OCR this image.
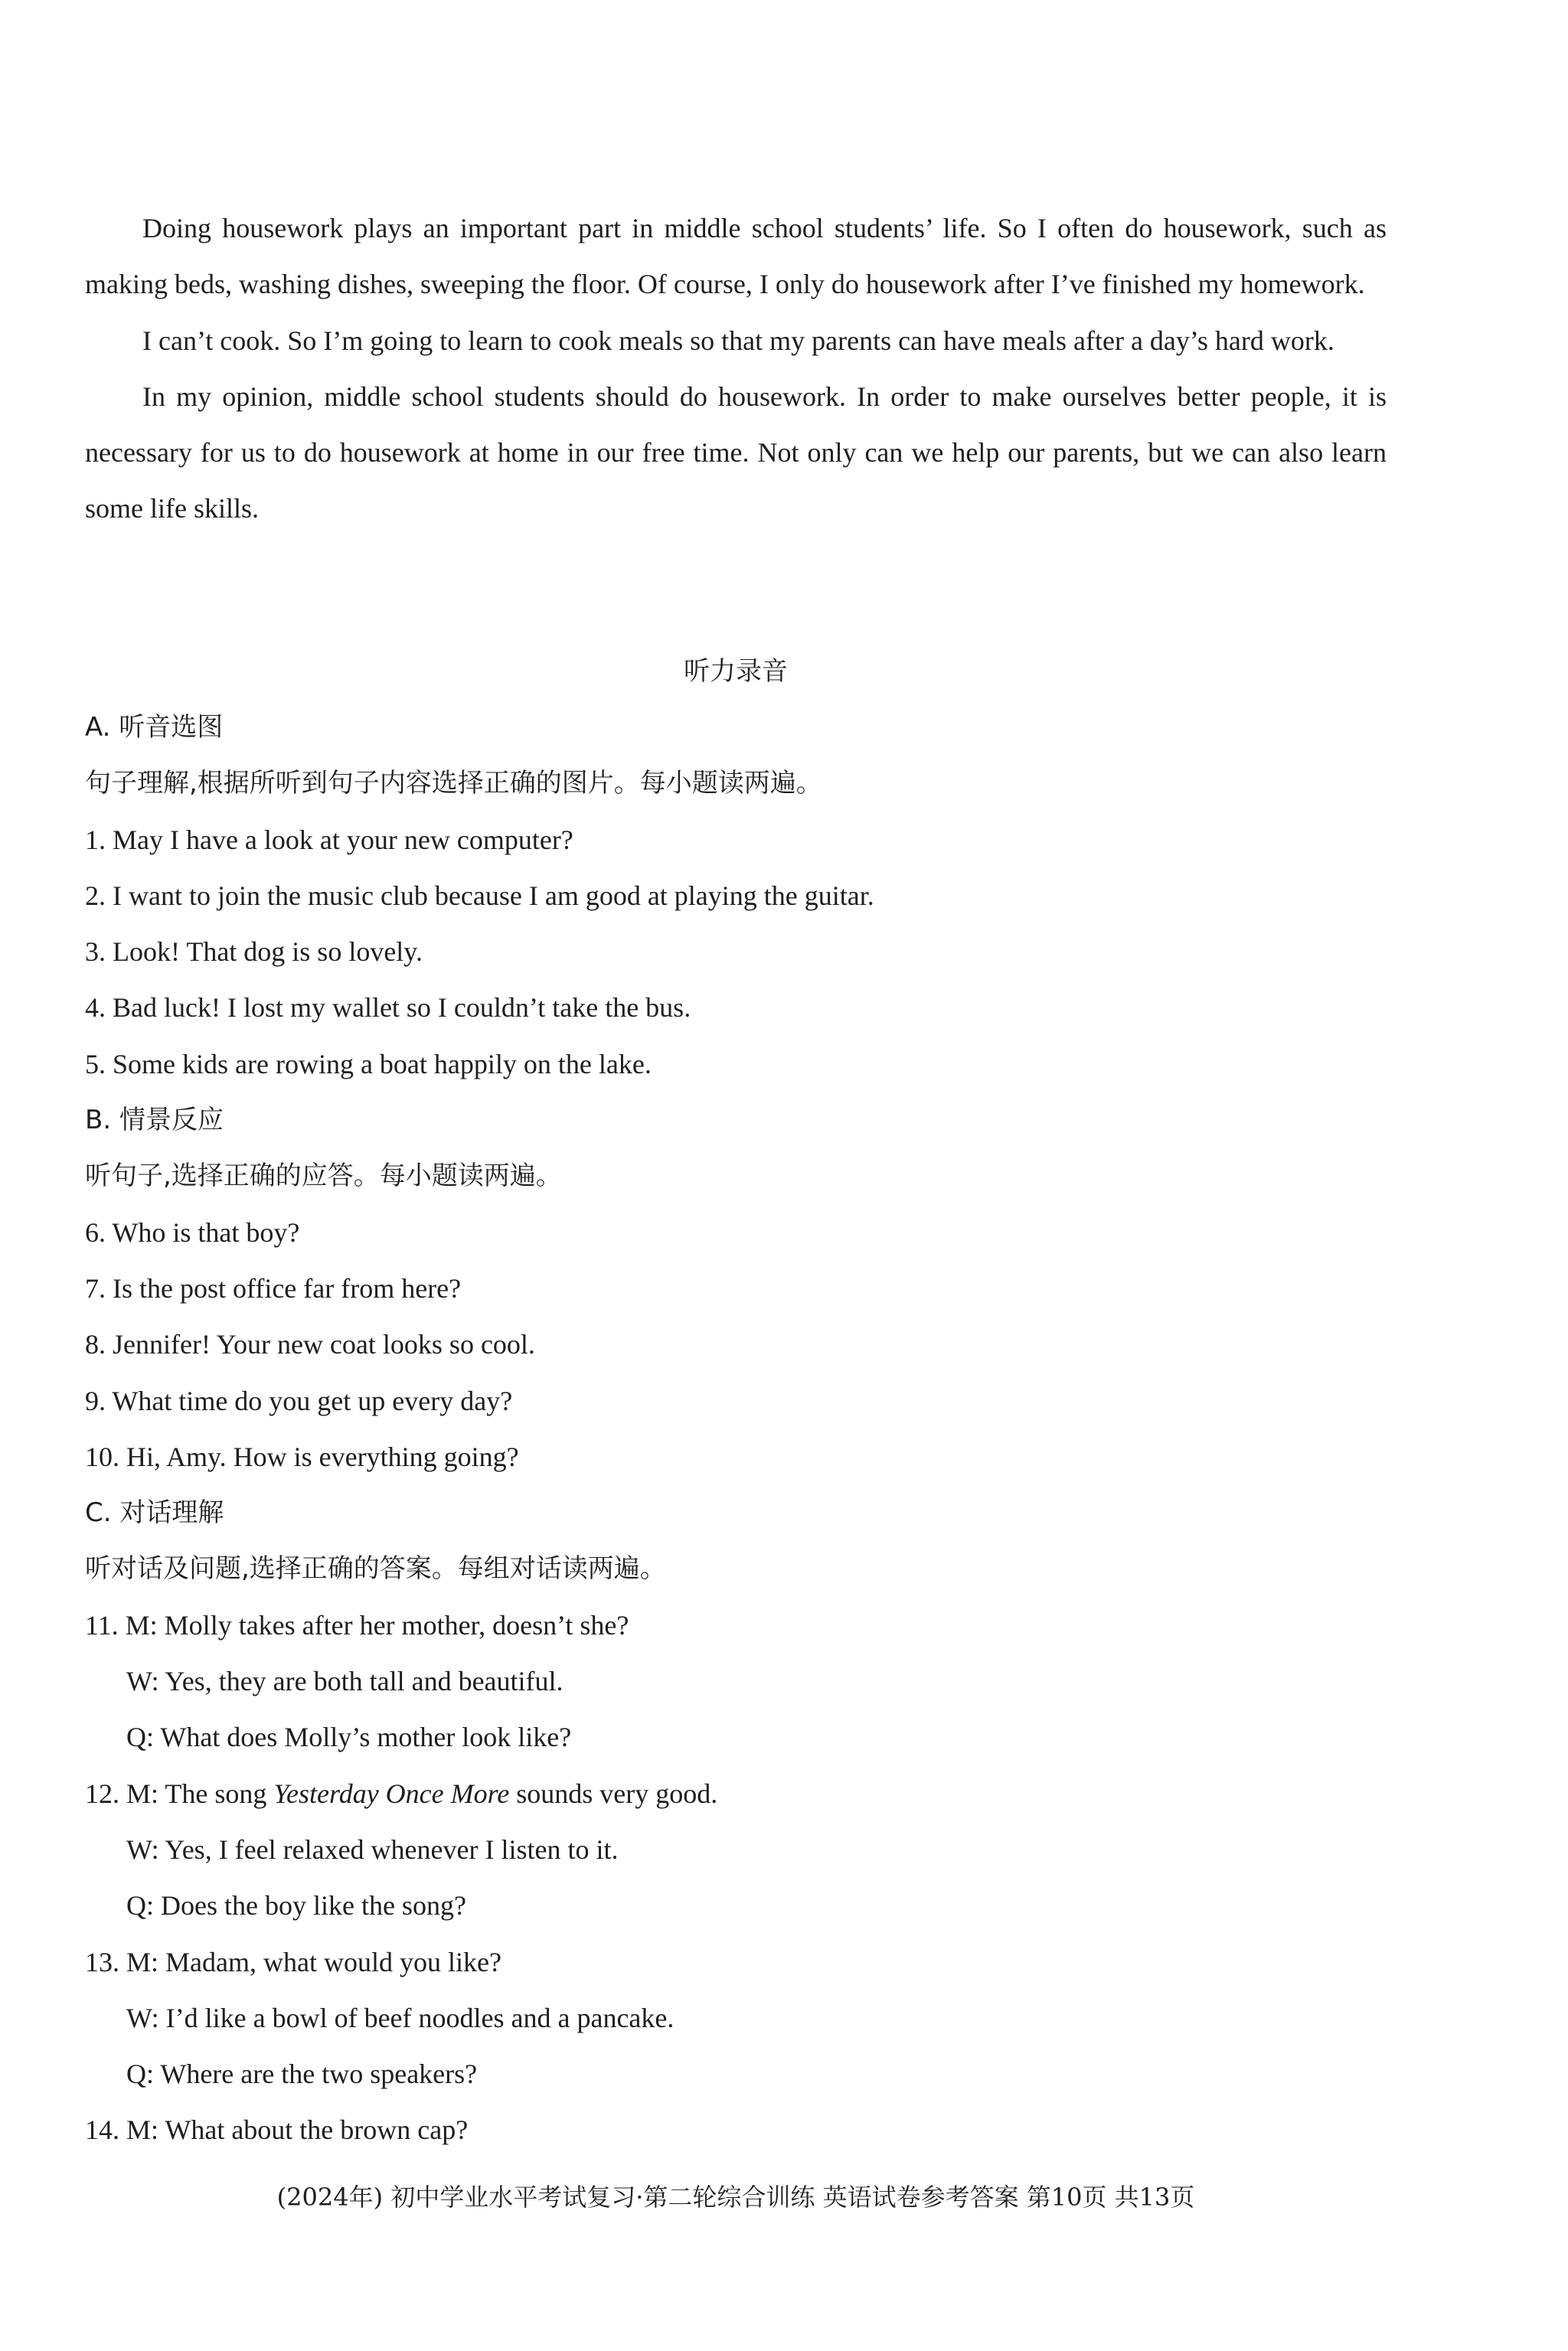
Doing housework plays an important part in middle school students’ life. So I often do housework, such as making beds, washing dishes, sweeping the floor. Of course, I only do housework after I’ve finished my homework.

I can’t cook. So I’m going to learn to cook meals so that my parents can have meals after a day’s hard work.

In my opinion, middle school students should do housework. In order to make ourselves better people, it is necessary for us to do housework at home in our free time. Not only can we help our parents, but we can also learn some life skills.

听力录音
A. 听音选图
句子理解,根据所听到句子内容选择正确的图片。每小题读两遍。
1. May I have a look at your new computer?
2. I want to join the music club because I am good at playing the guitar.
3. Look! That dog is so lovely.
4. Bad luck! I lost my wallet so I couldn’t take the bus.
5. Some kids are rowing a boat happily on the lake.
B. 情景反应
听句子,选择正确的应答。每小题读两遍。
6. Who is that boy?
7. Is the post office far from here?
8. Jennifer! Your new coat looks so cool.
9. What time do you get up every day?
10. Hi, Amy. How is everything going?
C. 对话理解
听对话及问题,选择正确的答案。每组对话读两遍。
11. M: Molly takes after her mother, doesn’t she?
W: Yes, they are both tall and beautiful.
Q: What does Molly’s mother look like?
12. M: The song Yesterday Once More sounds very good.
W: Yes, I feel relaxed whenever I listen to it.
Q: Does the boy like the song?
13. M: Madam, what would you like?
W: I’d like a bowl of beef noodles and a pancake.
Q: Where are the two speakers?
14. M: What about the brown cap?
(2024年) 初中学业水平考试复习·第二轮综合训练 英语试卷参考答案 第10页 共13页
